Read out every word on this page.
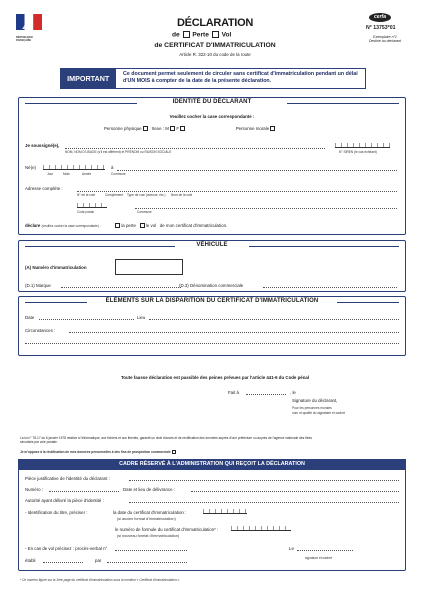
RÉPUBLIQUE FRANÇAISE
DÉCLARATION
de Perte Vol
de CERTIFICAT D'IMMATRICULATION
Article R. 322-10 du code de la route
cerfa
N° 13753*01
Exemplaire n°1 Destiné au déclarant
IMPORTANT
Ce document permet seulement de circuler sans certificat d'immatriculation pendant un délai d'UN MOIS à compter de la date de la présente déclaration.
IDENTITÉ DU DÉCLARANT
Veuillez cocher la case correspondante :
Personne physique Sexe : M F	Personne morale
Je soussigné(e),
NOM, NOM D'USAGE (s'il est différent) et PRÉNOM ou RAISON SOCIALE	N° SIREN (le cas échéant)
Né(e)	à
Jour	Mois	Année	Commune
Adresse complète :
N° de la voie	Complément Type de voie (avenue, etc.) Nom de la voie
Code postal	Commune
déclare (veuillez cocher la case correspondante) :	la perte le vol de mon certificat d'immatriculation.
VÉHICULE
(A) Numéro d'immatriculation
(D.1) Marque	(D.3) Dénomination commerciale
ÉLÉMENTS SUR LA DISPARITION DU CERTIFICAT D'IMMATRICULATION
Date	Lieu
Circonstances :
Toute fausse déclaration est passible des peines prévues par l'article 441-6 du Code pénal
Fait à	, le
Signature du déclarant,
Pour les personnes morales
nom et qualité du signataire et cachet
La loi n° 78-17 du 6 janvier 1978 relative à l'informatique, aux fichiers et aux libertés, garantit un droit d'accès et de rectification des données auprès d'une préfecture ou auprès de l'agence nationale des titres sécurisés par voie postale.
Je m'oppose à la réutilisation de mes données personnelles à des fins de prospection commerciale
CADRE RÉSERVÉ À L'ADMINISTRATION QUI REÇOIT LA DÉCLARATION
Pièce justificative de l'identité du déclarant :
Numéro :	Date et lieu de délivrance :
Autorité ayant délivré la pièce d'identité :
- Identification du titre, préciser :	la date du certificat d'immatriculation :
(si ancien format d'immatriculation)
le numéro de formule du certificat d'immatriculation* :
(si nouveau format d'immatriculation)
- En cas de vol précisez : procès-verbal n°	Le
établi	par	signature et cachet
* Ce numéro figure sur la 1ère page du certificat d'immatriculation sous la mention « Certificat d'immatriculation ».
